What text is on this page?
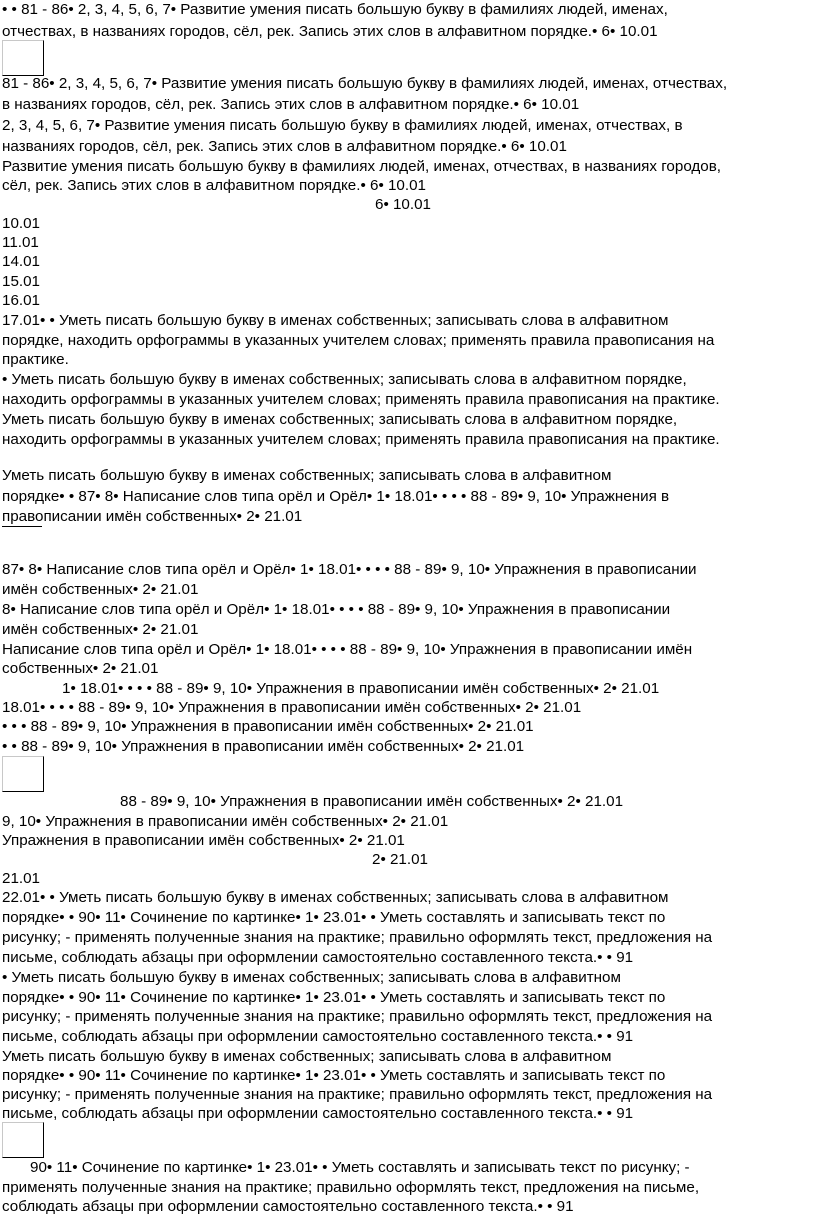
• • 81 - 86• 2, 3, 4, 5, 6, 7• Развитие умения писать большую букву в фамилиях людей, именах,
отчествах, в названиях городов, сёл, рек. Запись этих слов в алфавитном порядке.• 6• 10.01
81 - 86• 2, 3, 4, 5, 6, 7• Развитие умения писать большую букву в фамилиях людей, именах, отчествах,
в названиях городов, сёл, рек. Запись этих слов в алфавитном порядке.• 6• 10.01
2, 3, 4, 5, 6, 7• Развитие умения писать большую букву в фамилиях людей, именах, отчествах, в
названиях городов, сёл, рек. Запись этих слов в алфавитном порядке.• 6• 10.01
Развитие умения писать большую букву в фамилиях людей, именах, отчествах, в названиях городов,
сёл, рек. Запись этих слов в алфавитном порядке.• 6• 10.01
6• 10.01
10.01
11.01
14.01
15.01
16.01
17.01• • Уметь писать большую букву в именах собственных; записывать слова в алфавитном
порядке, находить орфограммы в указанных учителем словах; применять правила правописания на
практике.
• Уметь писать большую букву в именах собственных; записывать слова в алфавитном порядке,
находить орфограммы в указанных учителем словах; применять правила правописания на практике.
Уметь писать большую букву в именах собственных; записывать слова в алфавитном порядке,
находить орфограммы в указанных учителем словах; применять правила правописания на практике.
Уметь писать большую букву в именах собственных; записывать слова в алфавитном
порядке• • 87• 8• Написание слов типа орёл и Орёл• 1• 18.01• • • • 88 - 89• 9, 10• Упражнения в
правописании имён собственных• 2• 21.01
87• 8• Написание слов типа орёл и Орёл• 1• 18.01• • • • 88 - 89• 9, 10• Упражнения в правописании
имён собственных• 2• 21.01
8• Написание слов типа орёл и Орёл• 1• 18.01• • • • 88 - 89• 9, 10• Упражнения в правописании
имён собственных• 2• 21.01
Написание слов типа орёл и Орёл• 1• 18.01• • • • 88 - 89• 9, 10• Упражнения в правописании имён
собственных• 2• 21.01
1• 18.01• • • • 88 - 89• 9, 10• Упражнения в правописании имён собственных• 2• 21.01
18.01• • • • 88 - 89• 9, 10• Упражнения в правописании имён собственных• 2• 21.01
• • • 88 - 89• 9, 10• Упражнения в правописании имён собственных• 2• 21.01
• • 88 - 89• 9, 10• Упражнения в правописании имён собственных• 2• 21.01
88 - 89• 9, 10• Упражнения в правописании имён собственных• 2• 21.01
9, 10• Упражнения в правописании имён собственных• 2• 21.01
Упражнения в правописании имён собственных• 2• 21.01
2• 21.01
21.01
22.01• • Уметь писать большую букву в именах собственных; записывать слова в алфавитном
порядке• • 90• 11• Сочинение по картинке• 1• 23.01• • Уметь составлять и записывать текст по
рисунку; - применять полученные знания на практике; правильно оформлять текст, предложения на
письме, соблюдать абзацы при оформлении самостоятельно составленного текста.• • 91
• Уметь писать большую букву в именах собственных; записывать слова в алфавитном
порядке• • 90• 11• Сочинение по картинке• 1• 23.01• • Уметь составлять и записывать текст по
рисунку; - применять полученные знания на практике; правильно оформлять текст, предложения на
письме, соблюдать абзацы при оформлении самостоятельно составленного текста.• • 91
Уметь писать большую букву в именах собственных; записывать слова в алфавитном
порядке• • 90• 11• Сочинение по картинке• 1• 23.01• • Уметь составлять и записывать текст по
рисунку; - применять полученные знания на практике; правильно оформлять текст, предложения на
письме, соблюдать абзацы при оформлении самостоятельно составленного текста.• • 91
90• 11• Сочинение по картинке• 1• 23.01• • Уметь составлять и записывать текст по рисунку; -
применять полученные знания на практике; правильно оформлять текст, предложения на письме,
соблюдать абзацы при оформлении самостоятельно составленного текста.• • 91
